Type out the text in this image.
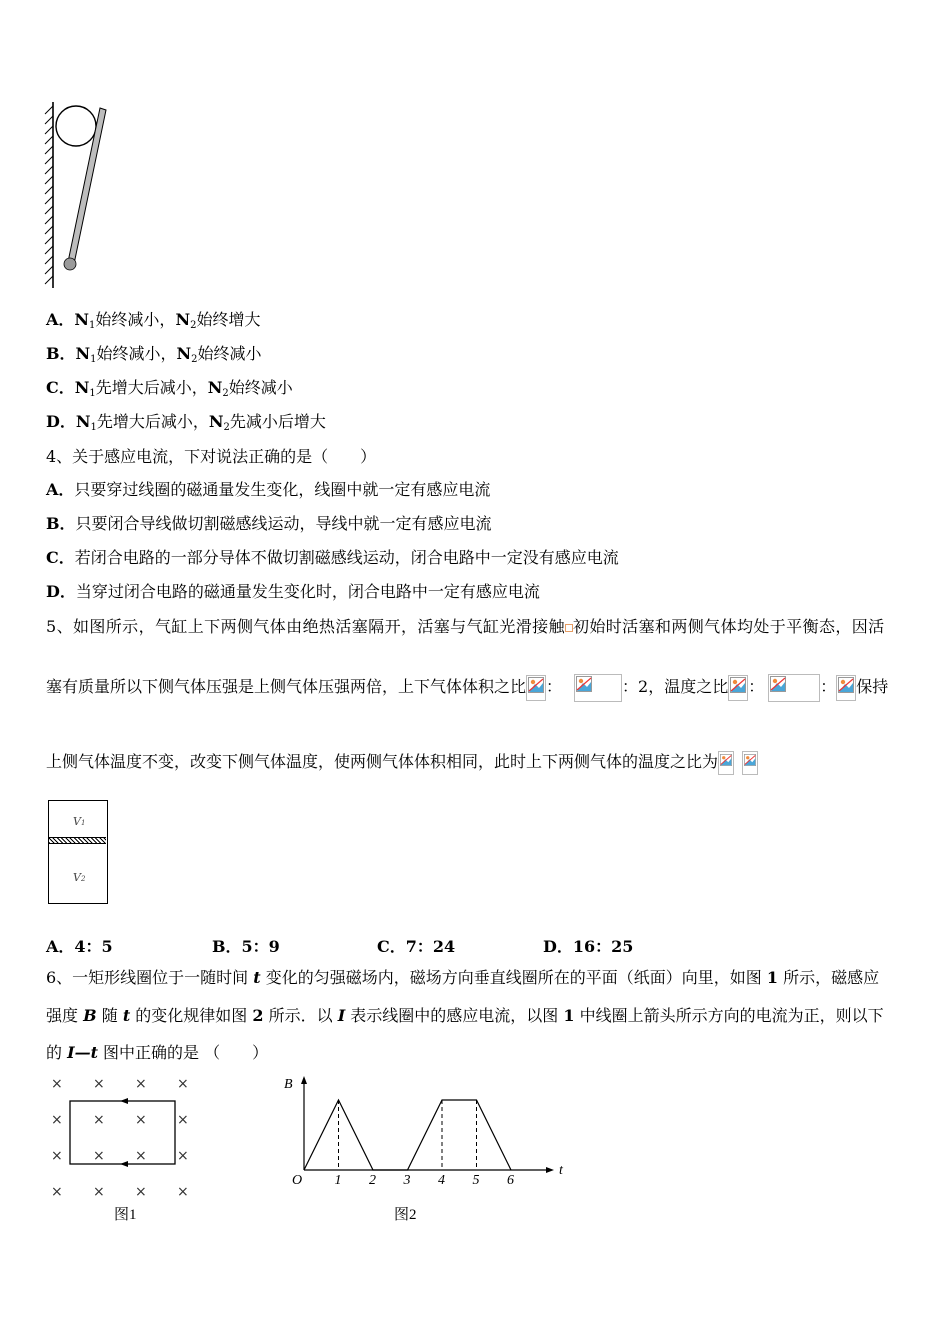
A．$N_1$始终减小，$N_2$始终增大
B．$N_1$始终减小，$N_2$始终减小
C．$N_1$先增大后减小，$N_2$始终减小
D．$N_1$先增大后减小，$N_2$先减小后增大
4、关于感应电流，下对说法正确的是（　　）
A．只要穿过线圈的磁通量发生变化，线圈中就一定有感应电流
B．只要闭合导线做切割磁感线运动，导线中就一定有感应电流
C．若闭合电路的一部分导体不做切割磁感线运动，闭合电路中一定没有感应电流
D．当穿过闭合电路的磁通量发生变化时，闭合电路中一定有感应电流
5、如图所示，气缸上下两侧气体由绝热活塞隔开，活塞与气缸光滑接触 初始时活塞和两侧气体均处于平衡态，因活
塞有质量所以下侧气体压强是上侧气体压强两倍，上下气体体积之比 ：	：2，温度之比 ：	： 保持
上侧气体温度不变，改变下侧气体温度，使两侧气体体积相同，此时上下两侧气体的温度之比为
V1
V2
A．4：5	B．5：9	C．7：24	D．16：25
6、一矩形线圈位于一随时间 t 变化的匀强磁场内，磁场方向垂直线圈所在的平面（纸面）向里，如图 1 所示，磁感应
强度 B 随 t 的变化规律如图 2 所示．以 I 表示线圈中的感应电流，以图 1 中线圈上箭头所示方向的电流为正，则以下
的 I—t 图中正确的是 （　　）
× × × ×
× × × ×
× × × ×
× × × ×
图1
B
t
O 1 2 3 4 5 6
图2
